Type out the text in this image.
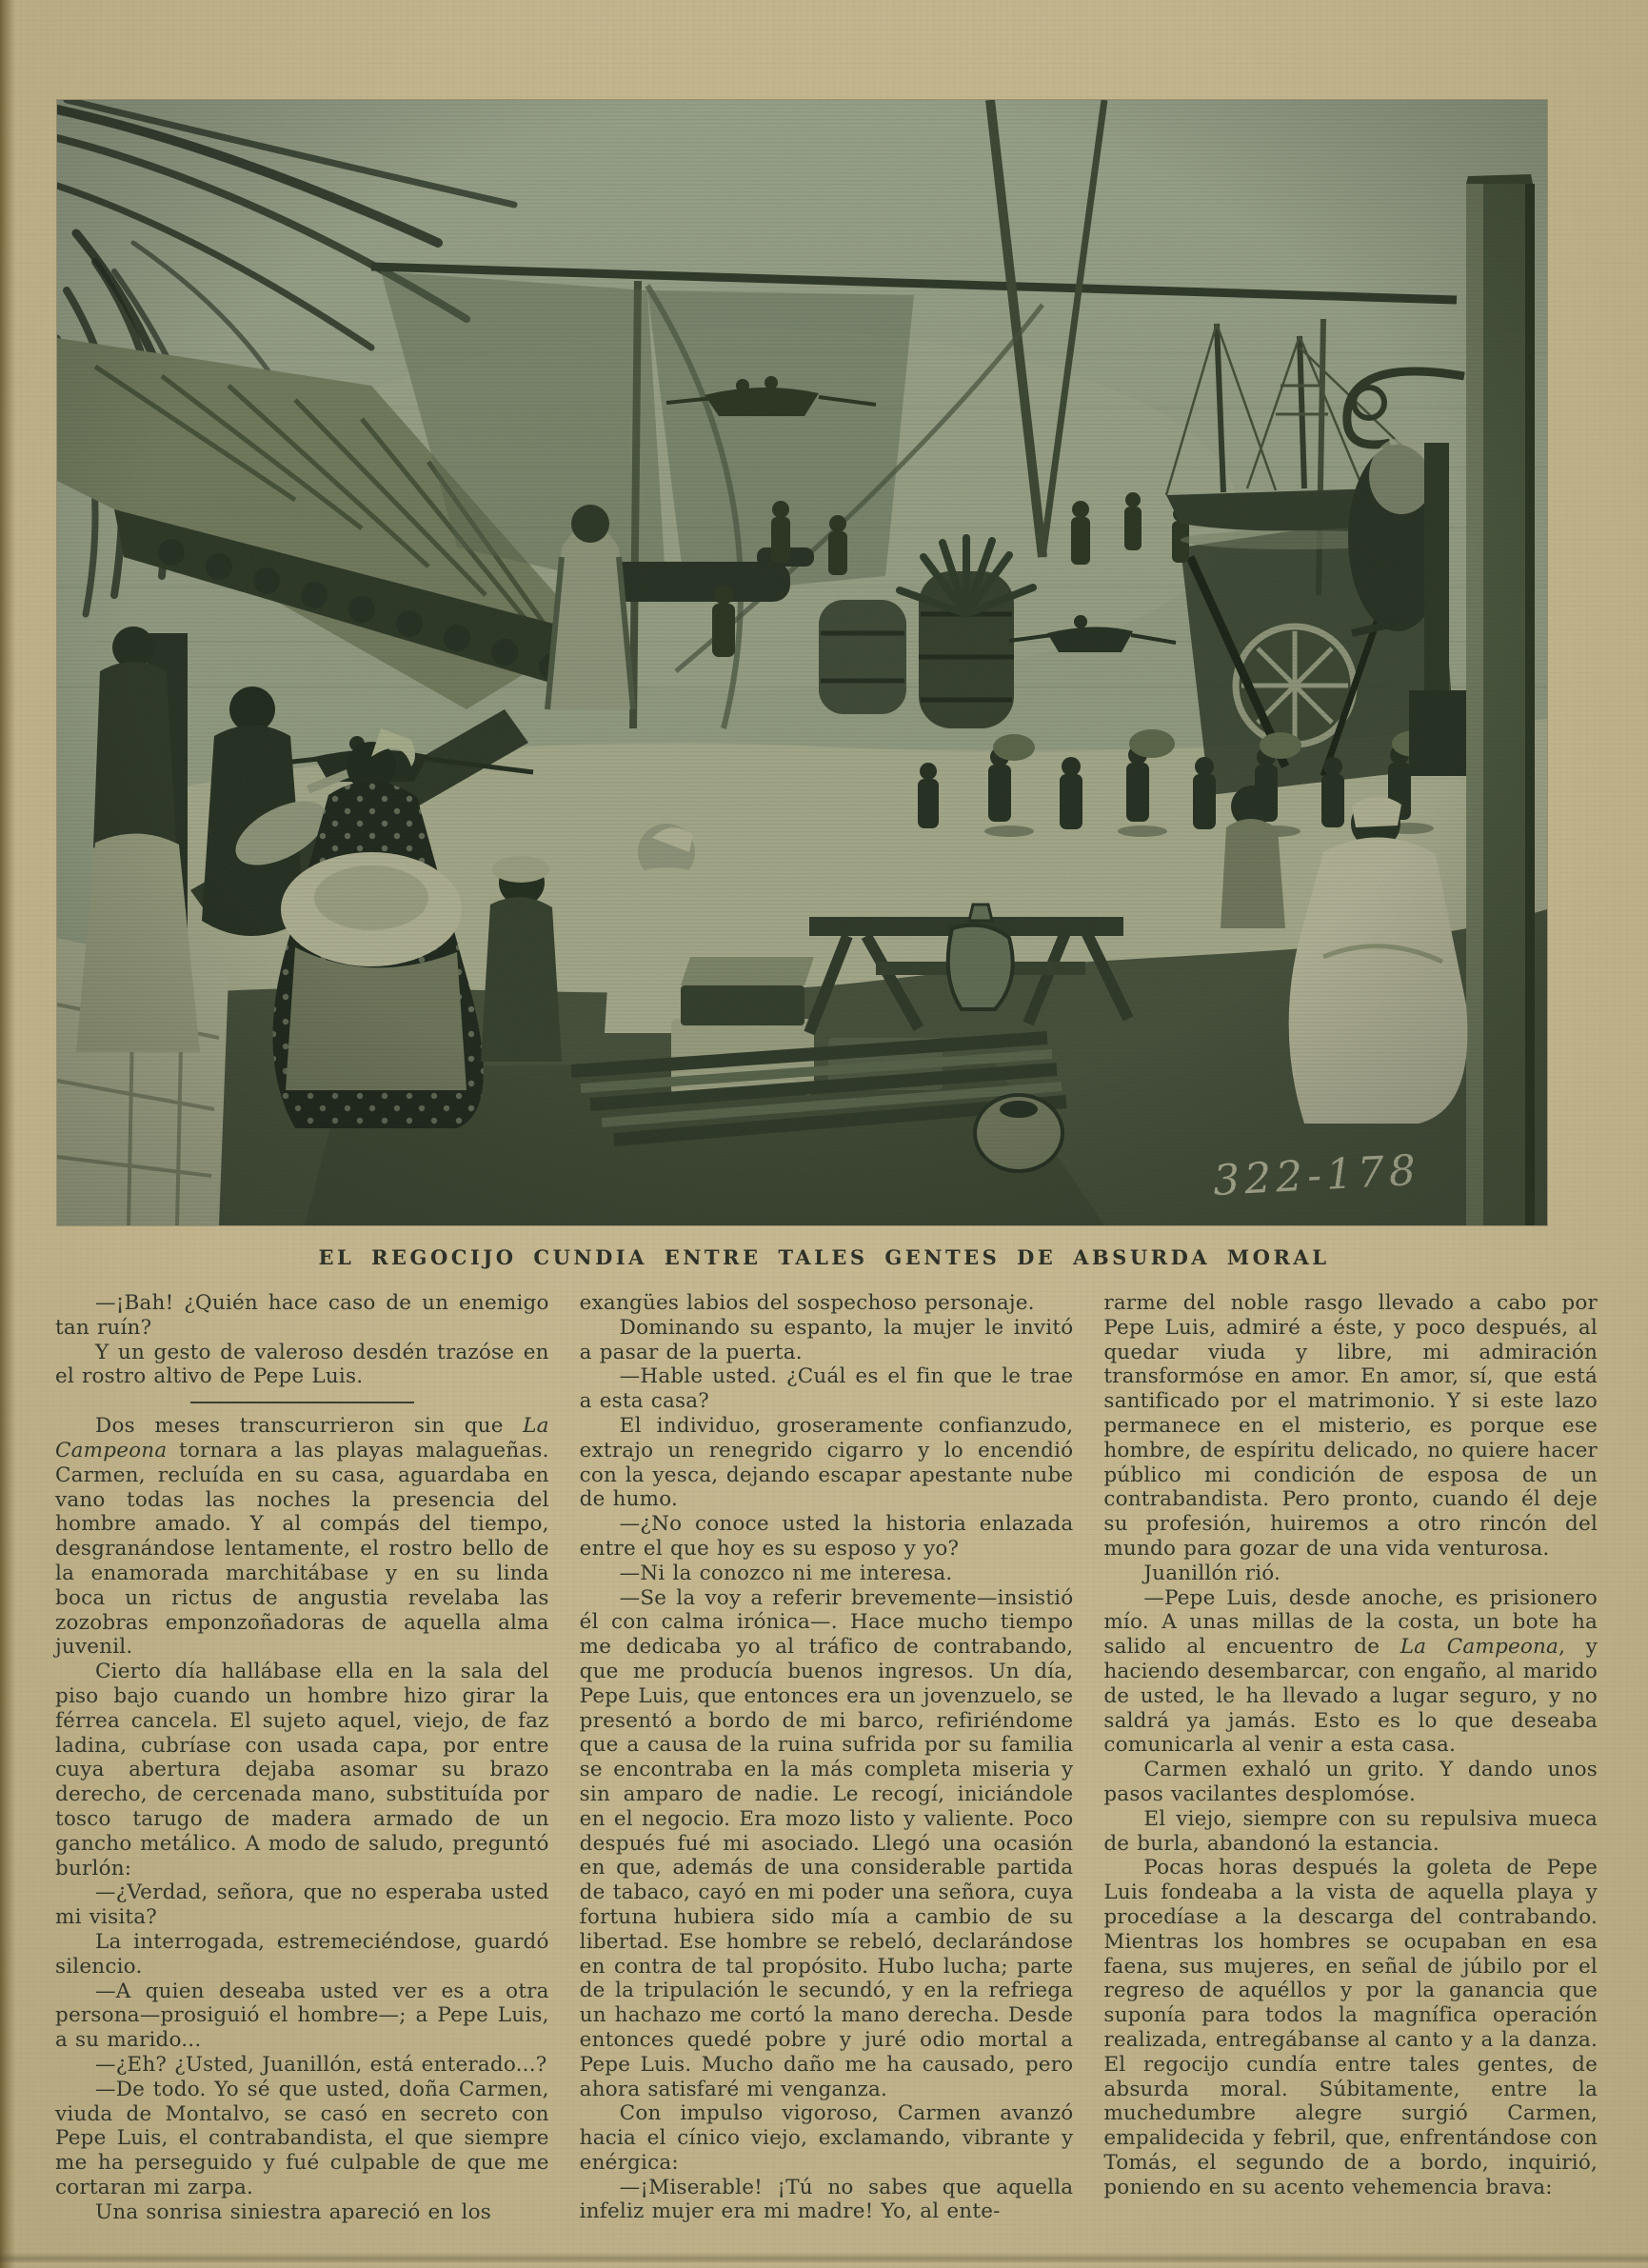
EL REGOCIJO CUNDIA ENTRE TALES GENTES DE ABSURDA MORAL

—¡Bah! ¿Quién hace caso de un enemigo tan ruín?

Y un gesto de valeroso desdén trazóse en el rostro altivo de Pepe Luis.

Dos meses transcurrieron sin que La Campeona tornara a las playas malagueñas. Carmen, recluída en su casa, aguardaba en vano todas las noches la presencia del hombre amado. Y al compás del tiempo, desgranándose lentamente, el rostro bello de la enamorada marchitábase y en su linda boca un rictus de angustia revelaba las zozobras emponzoñadoras de aquella alma juvenil.

Cierto día hallábase ella en la sala del piso bajo cuando un hombre hizo girar la férrea cancela. El sujeto aquel, viejo, de faz ladina, cubríase con usada capa, por entre cuya abertura dejaba asomar su brazo derecho, de cercenada mano, substituída por tosco tarugo de madera armado de un gancho metálico. A modo de saludo, preguntó burlón:

—¿Verdad, señora, que no esperaba usted mi visita?

La interrogada, estremeciéndose, guardó silencio.

—A quien deseaba usted ver es a otra persona—prosiguió el hombre—; a Pepe Luis, a su marido...

—¿Eh? ¿Usted, Juanillón, está enterado...?

—De todo. Yo sé que usted, doña Carmen, viuda de Montalvo, se casó en secreto con Pepe Luis, el contrabandista, el que siempre me ha perseguido y fué culpable de que me cortaran mi zarpa.

Una sonrisa siniestra apareció en los

exangües labios del sospechoso personaje.

Dominando su espanto, la mujer le invitó a pasar de la puerta.

—Hable usted. ¿Cuál es el fin que le trae a esta casa?

El individuo, groseramente confianzudo, extrajo un renegrido cigarro y lo encendió con la yesca, dejando escapar apestante nube de humo.

—¿No conoce usted la historia enlazada entre el que hoy es su esposo y yo?

—Ni la conozco ni me interesa.

—Se la voy a referir brevemente—insistió él con calma irónica—. Hace mucho tiempo me dedicaba yo al tráfico de contrabando, que me producía buenos ingresos. Un día, Pepe Luis, que entonces era un jovenzuelo, se presentó a bordo de mi barco, refiriéndome que a causa de la ruina sufrida por su familia se encontraba en la más completa miseria y sin amparo de nadie. Le recogí, iniciándole en el negocio. Era mozo listo y valiente. Poco después fué mi asociado. Llegó una ocasión en que, además de una considerable partida de tabaco, cayó en mi poder una señora, cuya fortuna hubiera sido mía a cambio de su libertad. Ese hombre se rebeló, declarándose en contra de tal propósito. Hubo lucha; parte de la tripulación le secundó, y en la refriega un hachazo me cortó la mano derecha. Desde entonces quedé pobre y juré odio mortal a Pepe Luis. Mucho daño me ha causado, pero ahora satisfaré mi venganza.

Con impulso vigoroso, Carmen avanzó hacia el cínico viejo, exclamando, vibrante y enérgica:

—¡Miserable! ¡Tú no sabes que aquella infeliz mujer era mi madre! Yo, al ente-

rarme del noble rasgo llevado a cabo por Pepe Luis, admiré a éste, y poco después, al quedar viuda y libre, mi admiración transformóse en amor. En amor, sí, que está santificado por el matrimonio. Y si este lazo permanece en el misterio, es porque ese hombre, de espíritu delicado, no quiere hacer público mi condición de esposa de un contrabandista. Pero pronto, cuando él deje su profesión, huiremos a otro rincón del mundo para gozar de una vida venturosa.

Juanillón rió.

—Pepe Luis, desde anoche, es prisionero mío. A unas millas de la costa, un bote ha salido al encuentro de La Campeona, y haciendo desembarcar, con engaño, al marido de usted, le ha llevado a lugar seguro, y no saldrá ya jamás. Esto es lo que deseaba comunicarla al venir a esta casa.

Carmen exhaló un grito. Y dando unos pasos vacilantes desplomóse.

El viejo, siempre con su repulsiva mueca de burla, abandonó la estancia.

Pocas horas después la goleta de Pepe Luis fondeaba a la vista de aquella playa y procedíase a la descarga del contrabando. Mientras los hombres se ocupaban en esa faena, sus mujeres, en señal de júbilo por el regreso de aquéllos y por la ganancia que suponía para todos la magnífica operación realizada, entregábanse al canto y a la danza. El regocijo cundía entre tales gentes, de absurda moral. Súbitamente, entre la muchedumbre alegre surgió Carmen, empalidecida y febril, que, enfrentándose con Tomás, el segundo de a bordo, inquirió, poniendo en su acento vehemencia brava:
